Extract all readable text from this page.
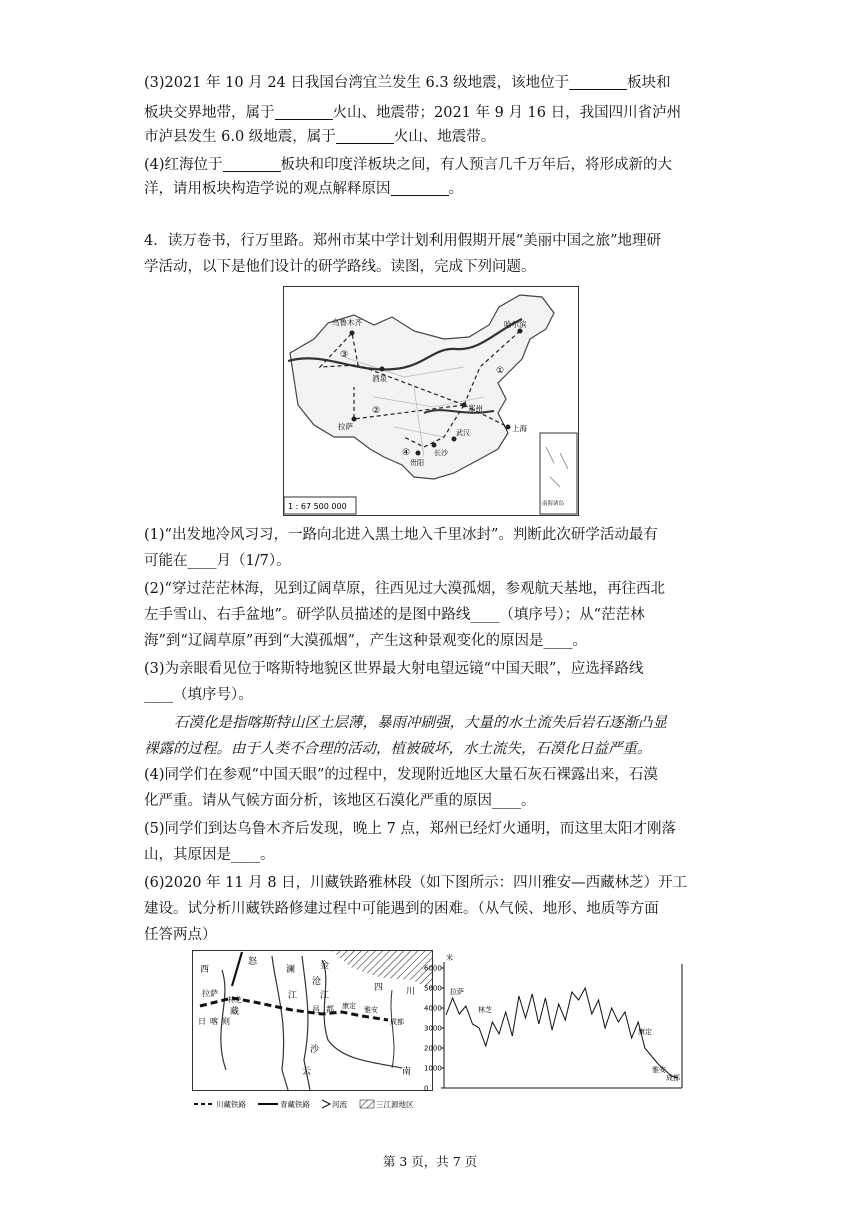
(3)2021 年 10 月 24 日我国台湾宜兰发生 6.3 级地震，该地位于	板块和

板块交界地带，属于	火山、地震带；2021 年 9 月 16 日，我国四川省泸州

市泸县发生 6.0 级地震，属于	火山、地震带。

(4)红海位于	板块和印度洋板块之间，有人预言几千万年后，将形成新的大

洋，请用板块构造学说的观点解释原因	。

4．读万卷书，行万里路。郑州市某中学计划利用假期开展“美丽中国之旅”地理研

学活动，以下是他们设计的研学路线。读图，完成下列问题。

乌鲁木齐	哈尔滨
酒泉
拉萨
郑州
上海
武汉
长沙
贵阳
①
②
③
④
1 : 67 500 000	南海诸岛

(1)“出发地冷风习习，一路向北进入黑土地入千里冰封”。判断此次研学活动最有

可能在____月（1/7）。

(2)“穿过茫茫林海，见到辽阔草原，往西见过大漠孤烟，参观航天基地，再往西北

左手雪山、右手盆地”。研学队员描述的是图中路线____（填序号）；从“茫茫林

海”到“辽阔草原”再到“大漠孤烟”，产生这种景观变化的原因是____。

(3)为亲眼看见位于喀斯特地貌区世界最大射电望远镜“中国天眼”，应选择路线

____（填序号）。

石漠化是指喀斯特山区土层薄，暴雨冲刷强，大量的水土流失后岩石逐渐凸显

裸露的过程。由于人类不合理的活动，植被破坏，水土流失，石漠化日益严重。

(4)同学们在参观“中国天眼”的过程中，发现附近地区大量石灰石裸露出来，石漠

化严重。请从气候方面分析，该地区石漠化严重的原因____。

(5)同学们到达乌鲁木齐后发现，晚上 7 点，郑州已经灯火通明，而这里太阳才刚落

山，其原因是____。

(6)2020 年 11 月 8 日，川藏铁路雅林段（如下图所示：四川雅安—西藏林芝）开工

建设。试分析川藏铁路修建过程中可能遇到的困难。（从气候、地形、地质等方面

任答两点）

西
怒
澜
沧
金
江	江
拉萨
藏
林芝
日 喀 则
昌 都
四	川
康定 雅安
成都
沙
云	南
川藏铁路	青藏铁路	河流	三江源地区
米
6000
5000
4000
3000
2000
1000
0
拉萨
林芝
康定
雅安
成都
第 3 页，共 7 页
